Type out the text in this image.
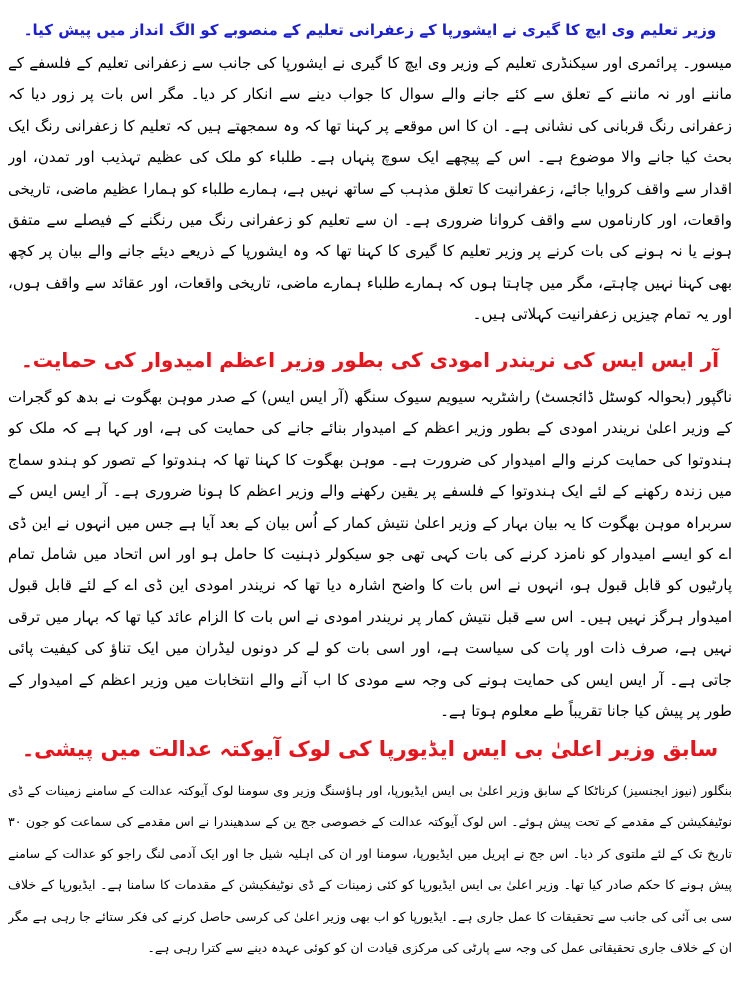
وزیر تعلیم وی ایچ کا گیری نے ایشورپا کے زعفرانی تعلیم کے منصوبے کو الگ انداز میں پیش کیا۔

میسور۔ پرائمری اور سیکنڈری تعلیم کے وزیر وی ایچ کا گیری نے ایشورپا کی جانب سے زعفرانی تعلیم کے فلسفے کے ماننے اور نہ ماننے کے تعلق سے کئے جانے والے سوال کا جواب دینے سے انکار کر دیا۔ مگر اس بات پر زور دیا کہ زعفرانی رنگ قربانی کی نشانی ہے۔ ان کا اس موقعے پر کہنا تھا کہ وہ سمجھتے ہیں کہ تعلیم کا زعفرانی رنگ ایک بحث کیا جانے والا موضوع ہے۔ اس کے پیچھے ایک سوچ پنہاں ہے۔ طلباء کو ملک کی عظیم تہذیب اور تمدن، اور اقدار سے واقف کروایا جائے، زعفرانیت کا تعلق مذہب کے ساتھ نہیں ہے، ہمارے طلباء کو ہمارا عظیم ماضی، تاریخی واقعات، اور کارناموں سے واقف کروانا ضروری ہے۔ ان سے تعلیم کو زعفرانی رنگ میں رنگنے کے فیصلے سے متفق ہونے یا نہ ہونے کی بات کرنے پر وزیر تعلیم کا گیری کا کہنا تھا کہ وہ ایشورپا کے ذریعے دیئے جانے والے بیان پر کچھ بھی کہنا نہیں چاہتے، مگر میں چاہتا ہوں کہ ہمارے طلباء ہمارے ماضی، تاریخی واقعات، اور عقائد سے واقف ہوں، اور یہ تمام چیزیں زعفرانیت کہلاتی ہیں۔

آر ایس ایس کی نریندر امودی کی بطور وزیر اعظم امیدوار کی حمایت۔

ناگپور (بحوالہ کوسٹل ڈائجسٹ) راشٹریہ سیویم سیوک سنگھ (آر ایس ایس) کے صدر موہن بھگوت نے بدھ کو گجرات کے وزیر اعلیٰ نریندر امودی کے بطور وزیر اعظم کے امیدوار بنائے جانے کی حمایت کی ہے، اور کہا ہے کہ ملک کو ہندوتوا کی حمایت کرنے والے امیدوار کی ضرورت ہے۔ موہن بھگوت کا کہنا تھا کہ ہندوتوا کے تصور کو ہندو سماج میں زندہ رکھنے کے لئے ایک ہندوتوا کے فلسفے پر یقین رکھنے والے وزیر اعظم کا ہونا ضروری ہے۔ آر ایس ایس کے سربراہ موہن بھگوت کا یہ بیان بہار کے وزیر اعلیٰ نتیش کمار کے اُس بیان کے بعد آیا ہے جس میں انہوں نے این ڈی اے کو ایسے امیدوار کو نامزد کرنے کی بات کہی تھی جو سیکولر ذہنیت کا حامل ہو اور اس اتحاد میں شامل تمام پارٹیوں کو قابل قبول ہو، انہوں نے اس بات کا واضح اشارہ دیا تھا کہ نریندر امودی این ڈی اے کے لئے قابل قبول امیدوار ہرگز نہیں ہیں۔ اس سے قبل نتیش کمار پر نریندر امودی نے اس بات کا الزام عائد کیا تھا کہ بہار میں ترقی نہیں ہے، صرف ذات اور پات کی سیاست ہے، اور اسی بات کو لے کر دونوں لیڈران میں ایک تناؤ کی کیفیت پائی جاتی ہے۔ آر ایس ایس کی حمایت ہونے کی وجہ سے مودی کا اب آنے والے انتخابات میں وزیر اعظم کے امیدوار کے طور پر پیش کیا جانا تقریباً طے معلوم ہوتا ہے۔

سابق وزیر اعلیٰ بی ایس ایڈیورپا کی لوک آیوکتہ عدالت میں پیشی۔

بنگلور (نیوز ایجنسیز) کرناٹکا کے سابق وزیر اعلیٰ بی ایس ایڈیورپا، اور ہاؤسنگ وزیر وی سومنا لوک آیوکتہ عدالت کے سامنے زمینات کے ڈی نوٹیفکیشن کے مقدمے کے تحت پیش ہوئے۔ اس لوک آیوکتہ عدالت کے خصوصی جج ین کے سدھیندرا نے اس مقدمے کی سماعت کو جون ۳۰ تاریخ تک کے لئے ملتوی کر دیا۔ اس جج نے اپریل میں ایڈیورپا، سومنا اور ان کی اہلیہ شیل جا اور ایک آدمی لنگ راجو کو عدالت کے سامنے پیش ہونے کا حکم صادر کیا تھا۔ وزیر اعلیٰ بی ایس ایڈیورپا کو کئی زمینات کے ڈی نوٹیفکیشن کے مقدمات کا سامنا ہے۔ ایڈیورپا کے خلاف سی بی آئی کی جانب سے تحقیقات کا عمل جاری ہے۔ ایڈیورپا کو اب بھی وزیر اعلیٰ کی کرسی حاصل کرنے کی فکر ستائے جا رہی ہے مگر ان کے خلاف جاری تحقیقاتی عمل کی وجہ سے پارٹی کی مرکزی قیادت ان کو کوئی عہدہ دینے سے کترا رہی ہے۔
